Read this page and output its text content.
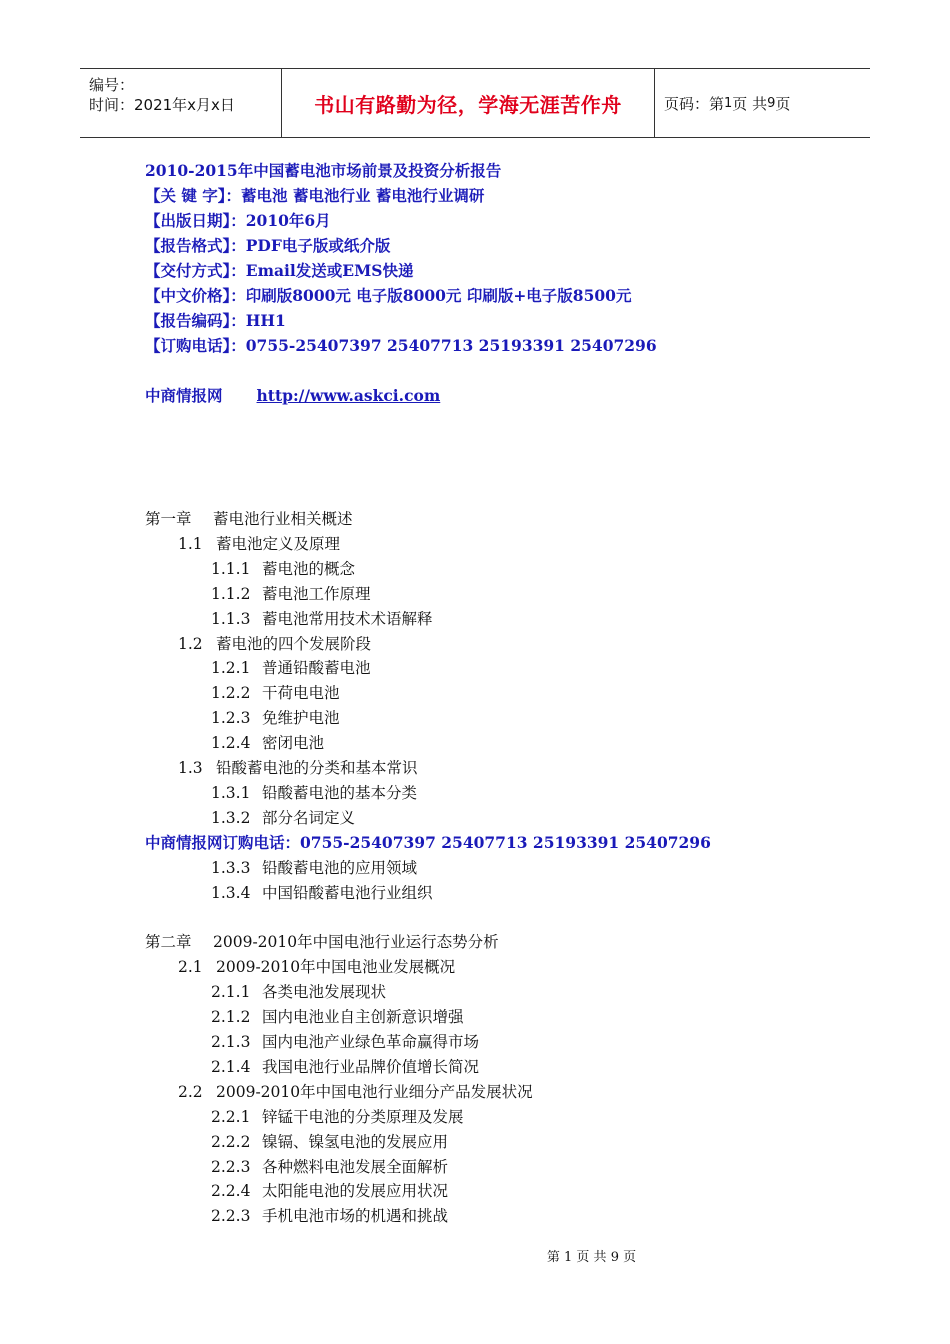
编号：
时间：2021年x月x日	书山有路勤为径，学海无涯苦作舟	页码：第 1 页 共 9 页
2010-2015年中国蓄电池市场前景及投资分析报告
【关 键 字】：蓄电池 蓄电池行业 蓄电池行业调研
【出版日期】：2010年6月
【报告格式】：PDF电子版或纸介版
【交付方式】：Email发送或EMS快递
【中文价格】：印刷版8000元 电子版8000元 印刷版+电子版8500元
【报告编码】：HH1
【订购电话】：0755-25407397 25407713 25193391 25407296
中商情报网 http://www.askci.com
第一章 蓄电池行业相关概述
1.1 蓄电池定义及原理
1.1.1 蓄电池的概念
1.1.2 蓄电池工作原理
1.1.3 蓄电池常用技术术语解释
1.2 蓄电池的四个发展阶段
1.2.1 普通铅酸蓄电池
1.2.2 干荷电电池
1.2.3 免维护电池
1.2.4 密闭电池
1.3 铅酸蓄电池的分类和基本常识
1.3.1 铅酸蓄电池的基本分类
1.3.2 部分名词定义
中商情报网订购电话：0755-25407397 25407713 25193391 25407296
1.3.3 铅酸蓄电池的应用领域
1.3.4 中国铅酸蓄电池行业组织
第二章 2009-2010年中国电池行业运行态势分析
2.1 2009-2010年中国电池业发展概况
2.1.1 各类电池发展现状
2.1.2 国内电池业自主创新意识增强
2.1.3 国内电池产业绿色革命赢得市场
2.1.4 我国电池行业品牌价值增长简况
2.2 2009-2010年中国电池行业细分产品发展状况
2.2.1 锌锰干电池的分类原理及发展
2.2.2 镍镉、镍氢电池的发展应用
2.2.3 各种燃料电池发展全面解析
2.2.4 太阳能电池的发展应用状况
2.2.3 手机电池市场的机遇和挑战
第 1 页 共 9 页
